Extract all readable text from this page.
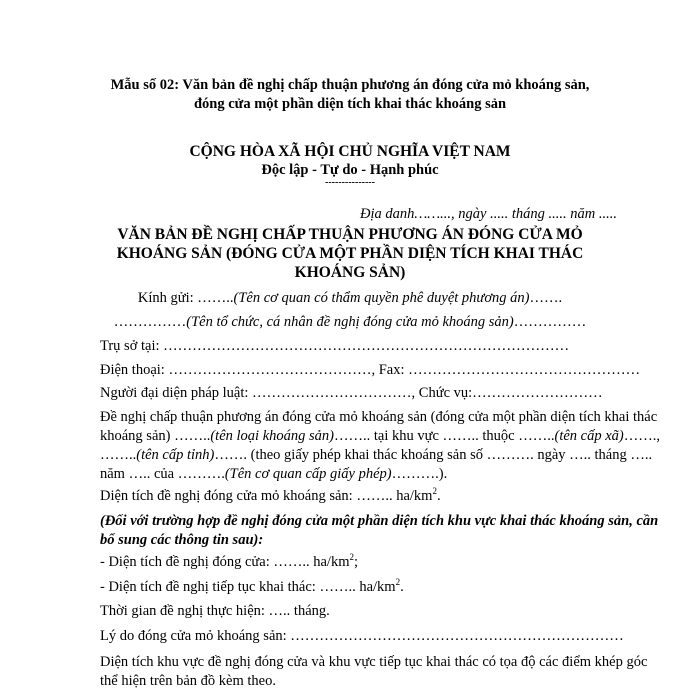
Mẫu số 02: Văn bản đề nghị chấp thuận phương án đóng cửa mỏ khoáng sản,
đóng cửa một phần diện tích khai thác khoáng sản
CỘNG HÒA XÃ HỘI CHỦ NGHĨA VIỆT NAM
Độc lập - Tự do - Hạnh phúc
---------------
Địa danh……..., ngày ..... tháng ..... năm .....
VĂN BẢN ĐỀ NGHỊ CHẤP THUẬN PHƯƠNG ÁN ĐÓNG CỬA MỎ
KHOÁNG SẢN (ĐÓNG CỬA MỘT PHẦN DIỆN TÍCH KHAI THÁC
KHOÁNG SẢN)
Kính gửi: ……..(Tên cơ quan có thẩm quyền phê duyệt phương án)…….
……………(Tên tổ chức, cá nhân đề nghị đóng cửa mỏ khoáng sản)……………
Trụ sở tại: …………………………………………………………………………
Điện thoại: ……………………………………, Fax: …………………………………………
Người đại diện pháp luật: ……………………………, Chức vụ:………………………
Đề nghị chấp thuận phương án đóng cửa mỏ khoáng sản (đóng cửa một phần diện tích khai thác khoáng sản) ……..(tên loại khoáng sản)…….. tại khu vực …….. thuộc ……..(tên cấp xã)……., ……..(tên cấp tỉnh)……. (theo giấy phép khai thác khoáng sản số ………. ngày ….. tháng ….. năm ….. của ……….(Tên cơ quan cấp giấy phép)……….).
Diện tích đề nghị đóng cửa mỏ khoáng sản: …….. $ha/km^2$.
(Đối với trường hợp đề nghị đóng cửa một phần diện tích khu vực khai thác khoáng sản, cần bổ sung các thông tin sau):
- Diện tích đề nghị đóng cửa: …….. $ha/km^2$;
- Diện tích đề nghị tiếp tục khai thác: …….. $ha/km^2$.
Thời gian đề nghị thực hiện: ….. tháng.
Lý do đóng cửa mỏ khoáng sản: ……………………………………………………………
Diện tích khu vực đề nghị đóng cửa và khu vực tiếp tục khai thác có tọa độ các điểm khép góc thể hiện trên bản đồ kèm theo.
